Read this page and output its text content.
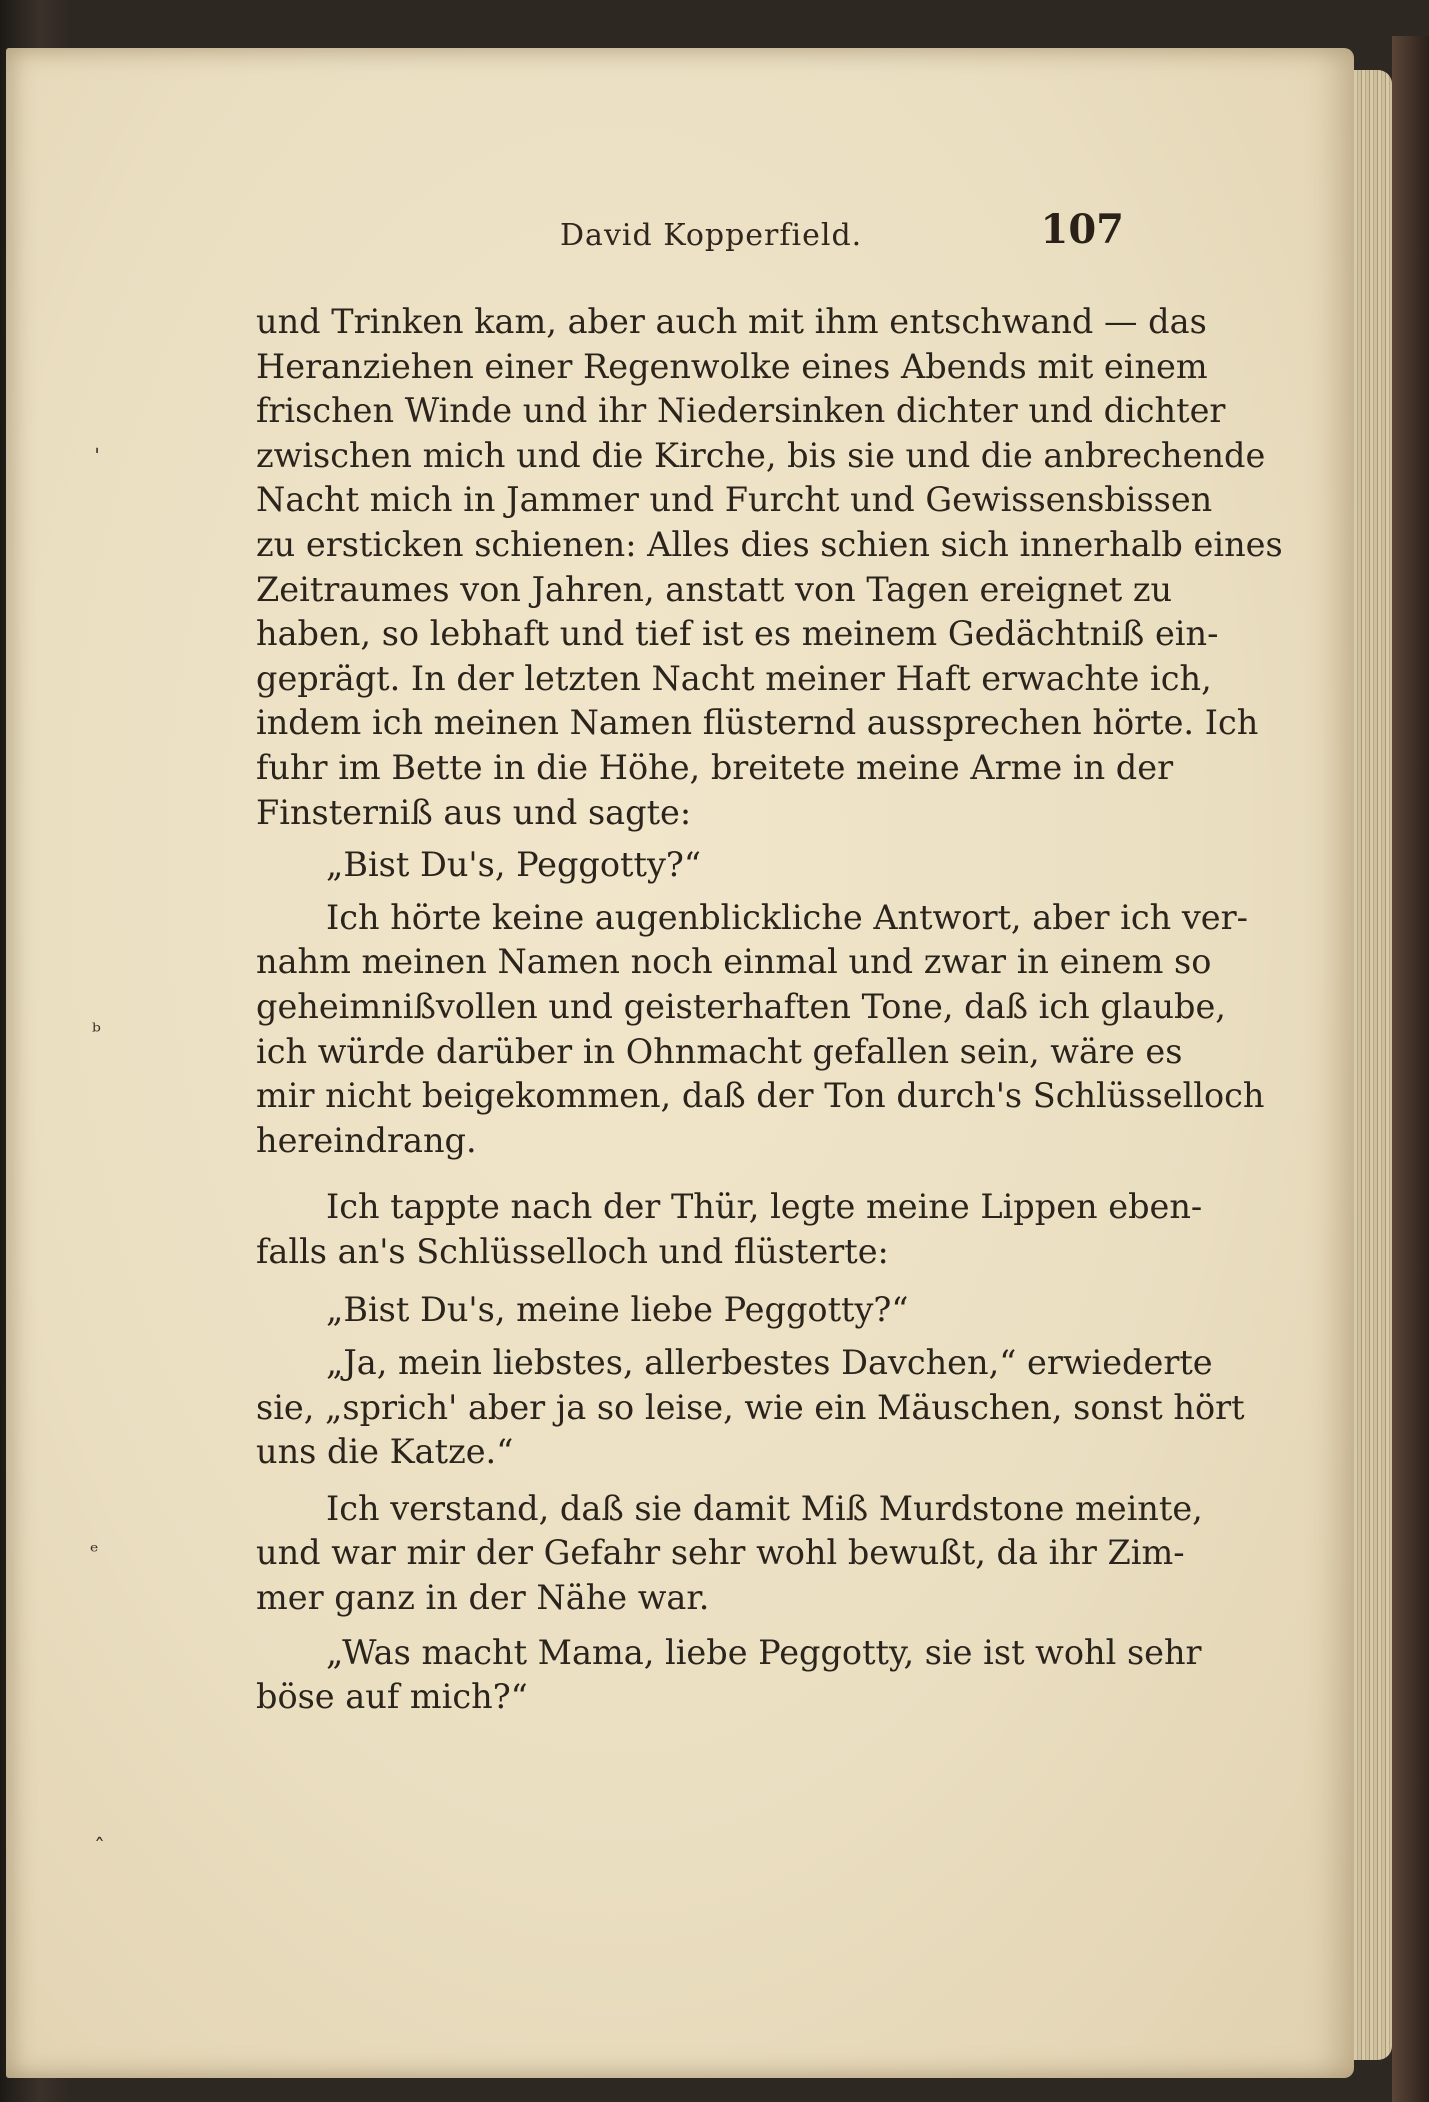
ˈ
ᵇ
ᵉ
ˆ
David Kopperfield.	107
und Trinken kam, aber auch mit ihm entschwand — das
Heranziehen einer Regenwolke eines Abends mit einem
frischen Winde und ihr Niedersinken dichter und dichter
zwischen mich und die Kirche, bis sie und die anbrechende
Nacht mich in Jammer und Furcht und Gewissensbissen
zu ersticken schienen: Alles dies schien sich innerhalb eines
Zeitraumes von Jahren, anstatt von Tagen ereignet zu
haben, so lebhaft und tief ist es meinem Gedächtniß ein-
geprägt. In der letzten Nacht meiner Haft erwachte ich,
indem ich meinen Namen flüsternd aussprechen hörte. Ich
fuhr im Bette in die Höhe, breitete meine Arme in der
Finsterniß aus und sagte:
„Bist Du's, Peggotty?“
Ich hörte keine augenblickliche Antwort, aber ich ver-
nahm meinen Namen noch einmal und zwar in einem so
geheimnißvollen und geisterhaften Tone, daß ich glaube,
ich würde darüber in Ohnmacht gefallen sein, wäre es
mir nicht beigekommen, daß der Ton durch's Schlüsselloch
hereindrang.
Ich tappte nach der Thür, legte meine Lippen eben-
falls an's Schlüsselloch und flüsterte:
„Bist Du's, meine liebe Peggotty?“
„Ja, mein liebstes, allerbestes Davchen,“ erwiederte
sie, „sprich' aber ja so leise, wie ein Mäuschen, sonst hört
uns die Katze.“
Ich verstand, daß sie damit Miß Murdstone meinte,
und war mir der Gefahr sehr wohl bewußt, da ihr Zim-
mer ganz in der Nähe war.
„Was macht Mama, liebe Peggotty, sie ist wohl sehr
böse auf mich?“
